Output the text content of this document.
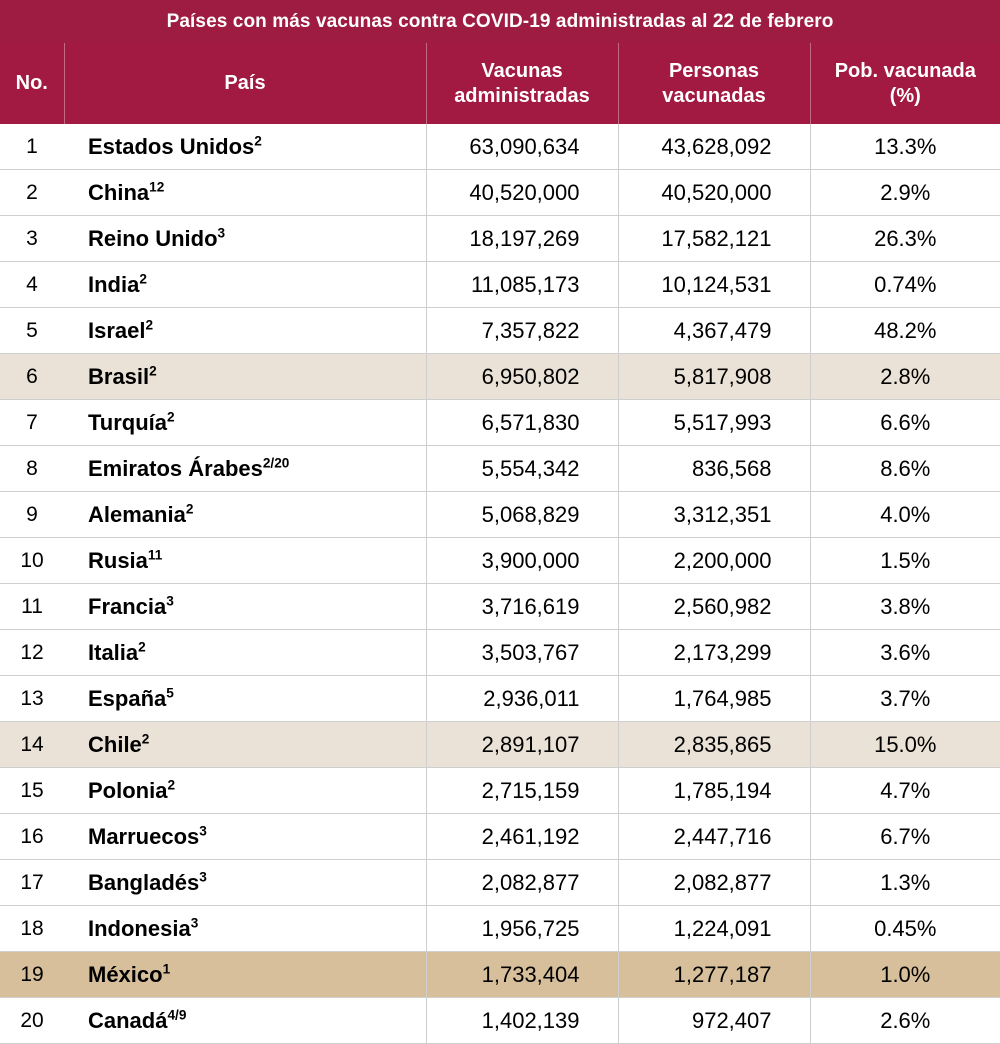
Países con más vacunas contra COVID-19 administradas al 22 de febrero				
No.	País	Vacunas administradas	Personas vacunadas	Pob. vacunada (%)
1	Estados Unidos$^2$	63,090,634	43,628,092	13.3%
2	China$^{12}$	40,520,000	40,520,000	2.9%
3	Reino Unido$^3$	18,197,269	17,582,121	26.3%
4	India$^2$	11,085,173	10,124,531	0.74%
5	Israel$^2$	7,357,822	4,367,479	48.2%
6	Brasil$^2$	6,950,802	5,817,908	2.8%
7	Turquía$^2$	6,571,830	5,517,993	6.6%
8	Emiratos Árabes$^{2/20}$	5,554,342	836,568	8.6%
9	Alemania$^2$	5,068,829	3,312,351	4.0%
10	Rusia$^{11}$	3,900,000	2,200,000	1.5%
11	Francia$^3$	3,716,619	2,560,982	3.8%
12	Italia$^2$	3,503,767	2,173,299	3.6%
13	España$^5$	2,936,011	1,764,985	3.7%
14	Chile$^2$	2,891,107	2,835,865	15.0%
15	Polonia$^2$	2,715,159	1,785,194	4.7%
16	Marruecos$^3$	2,461,192	2,447,716	6.7%
17	Bangladés$^3$	2,082,877	2,082,877	1.3%
18	Indonesia$^3$	1,956,725	1,224,091	0.45%
19	México$^1$	1,733,404	1,277,187	1.0%
20	Canadá$^{4/9}$	1,402,139	972,407	2.6%
